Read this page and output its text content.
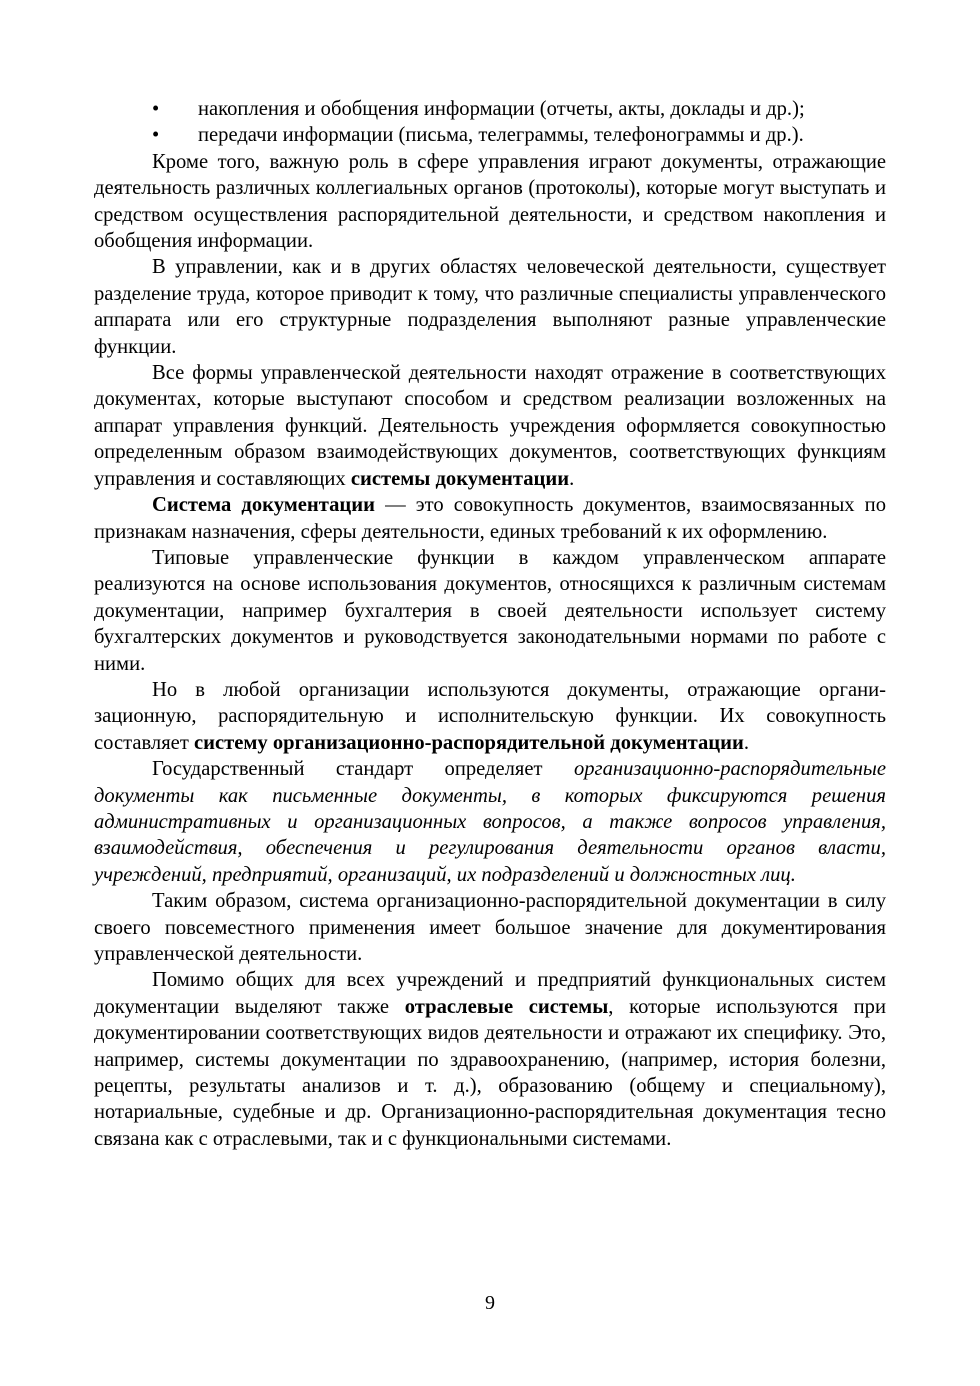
• накопления и обобщения информации (отчеты, акты, доклады и др.);
• передачи информации (письма, телеграммы, телефонограммы и др.).

Кроме того, важную роль в сфере управления играют документы, отражающие деятельность различных коллегиальных органов (протоколы), которые могут выступать и средством осуществления распорядительной деятельности, и средством накопления и обобщения информации.

В управлении, как и в других областях человеческой деятельности, существует разделение труда, которое приводит к тому, что различные специалисты управленческого аппарата или его структурные подразделения выполняют разные управленческие функции.

Все формы управленческой деятельности находят отражение в соответствующих документах, которые выступают способом и средством реализации возложенных на аппарат управления функций. Деятельность учреждения оформляется совокупностью определенным образом взаимодействующих документов, соответствующих функциям управления и составляющих системы документации.

Система документации — это совокупность документов, взаимосвязанных по признакам назначения, сферы деятельности, единых требований к их оформлению.

Типовые управленческие функции в каждом управленческом аппарате реализуются на основе использования документов, относящихся к различным системам документации, например бухгалтерия в своей деятельности использует систему бухгалтерских документов и руководствуется законодательными нормами по работе с ними.

Но в любой организации используются документы, отражающие организационную, распорядительную и исполнительскую функции. Их совокупность составляет систему организационно-распорядительной документации.

Государственный стандарт определяет организационно-распорядительные документы как письменные документы, в которых фиксируются решения административных и организационных вопросов, а также вопросов управления, взаимодействия, обеспечения и регулирования деятельности органов власти, учреждений, предприятий, организаций, их подразделений и должностных лиц.

Таким образом, система организационно-распорядительной документации в силу своего повсеместного применения имеет большое значение для документирования управленческой деятельности.

Помимо общих для всех учреждений и предприятий функциональных систем документации выделяют также отраслевые системы, которые используются при документировании соответствующих видов деятельности и отражают их специфику. Это, например, системы документации по здравоохранению, (например, история болезни, рецепты, результаты анализов и т. д.), образованию (общему и специальному), нотариальные, судебные и др. Организационно-распорядительная документация тесно связана как с отраслевыми, так и с функциональными системами.

9
